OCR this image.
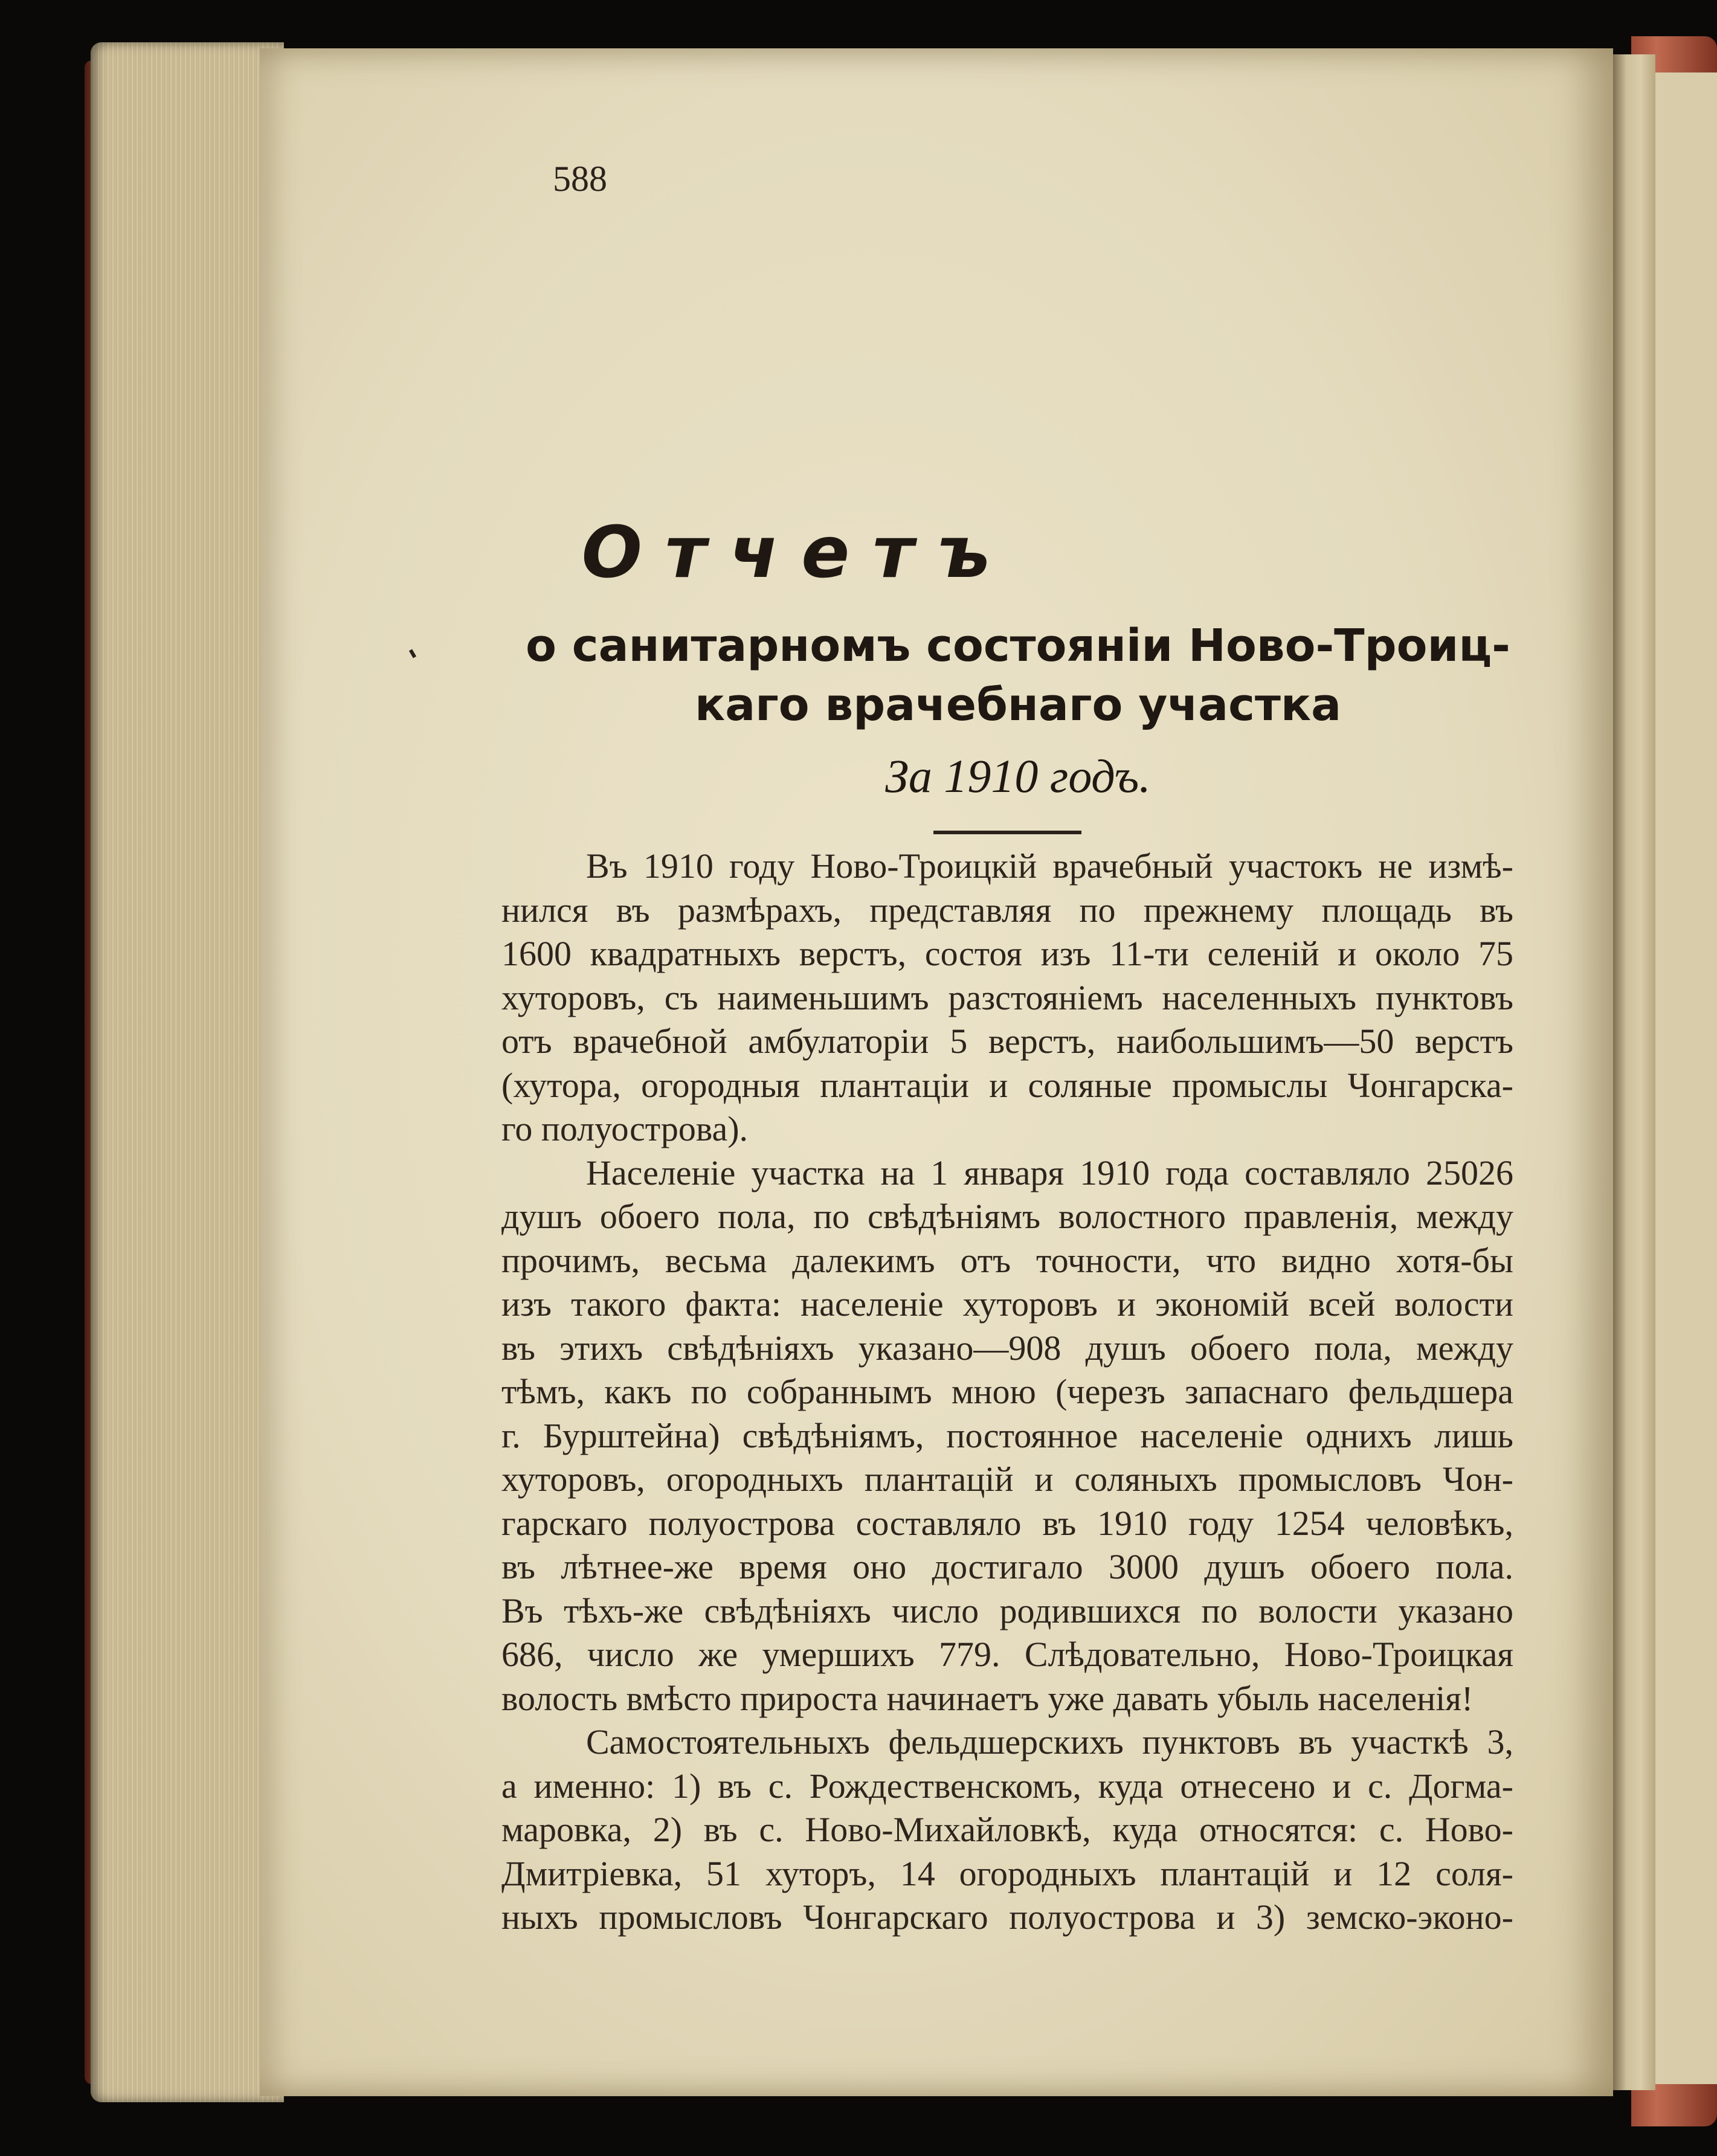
588
Отчетъ
о санитарномъ состоянiи Ново-Троиц-
каго врачебнаго участка
За 1910 годъ.
Въ 1910 году Ново-Троицкiй врачебный участокъ не измѣ-
нился въ размѣрахъ, представляя по прежнему площадь въ
1600 квадратныхъ верстъ, состоя изъ 11-ти селенiй и около 75
хуторовъ, съ наименьшимъ разстоянiемъ населенныхъ пунктовъ
отъ врачебной амбулаторiи 5 верстъ, наибольшимъ—50 верстъ
(хутора, огородныя плантацiи и соляные промыслы Чонгарска-
го полуострова).
Населенiе участка на 1 января 1910 года составляло 25026
душъ обоего пола, по свѣдѣнiямъ волостного правленiя, между
прочимъ, весьма далекимъ отъ точности, что видно хотя-бы
изъ такого факта: населенiе хуторовъ и экономiй всей волости
въ этихъ свѣдѣнiяхъ указано—908 душъ обоего пола, между
тѣмъ, какъ по собраннымъ мною (черезъ запаснаго фельдшера
г. Бурштейна) свѣдѣнiямъ, постоянное населенiе однихъ лишь
хуторовъ, огородныхъ плантацiй и соляныхъ промысловъ Чон-
гарскаго полуострова составляло въ 1910 году 1254 человѣкъ,
въ лѣтнее-же время оно достигало 3000 душъ обоего пола.
Въ тѣхъ-же свѣдѣнiяхъ число родившихся по волости указано
686, число же умершихъ 779. Слѣдовательно, Ново-Троицкая
волость вмѣсто прироста начинаетъ уже давать убыль населенiя!
Самостоятельныхъ фельдшерскихъ пунктовъ въ участкѣ 3,
а именно: 1) въ с. Рождественскомъ, куда отнесено и с. Догма-
маровка, 2) въ с. Ново-Михайловкѣ, куда относятся: с. Ново-
Дмитрiевка, 51 хуторъ, 14 огородныхъ плантацiй и 12 соля-
ныхъ промысловъ Чонгарскаго полуострова и 3) земско-эконо-
